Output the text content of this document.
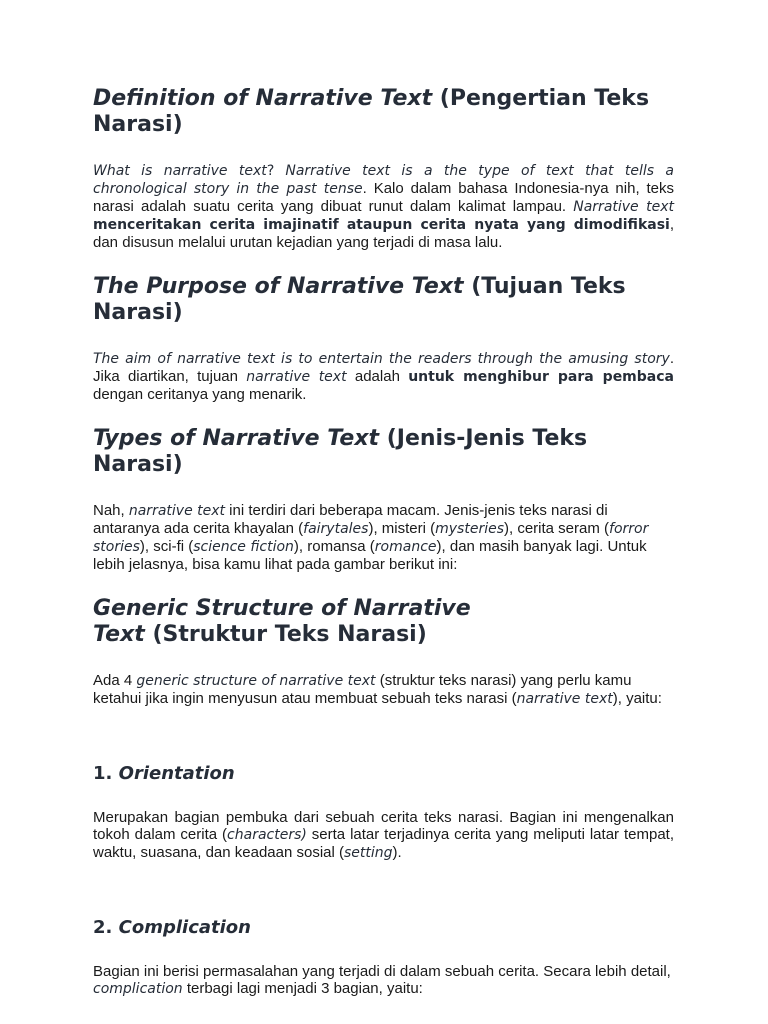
Definition of Narrative Text (Pengertian Teks Narasi)

What is narrative text? Narrative text is a the type of text that tells a chronological story in the past tense. Kalo dalam bahasa Indonesia-nya nih, teks narasi adalah suatu cerita yang dibuat runut dalam kalimat lampau. Narrative text menceritakan cerita imajinatif ataupun cerita nyata yang dimodifikasi, dan disusun melalui urutan kejadian yang terjadi di masa lalu.

The Purpose of Narrative Text (Tujuan Teks Narasi)

The aim of narrative text is to entertain the readers through the amusing story. Jika diartikan, tujuan narrative text adalah untuk menghibur para pembaca dengan ceritanya yang menarik.

Types of Narrative Text (Jenis-Jenis Teks Narasi)

Nah, narrative text ini terdiri dari beberapa macam. Jenis-jenis teks narasi di antaranya ada cerita khayalan (fairytales), misteri (mysteries), cerita seram (forror stories), sci-fi (science fiction), romansa (romance), dan masih banyak lagi. Untuk lebih jelasnya, bisa kamu lihat pada gambar berikut ini:

Generic Structure of Narrative Text (Struktur Teks Narasi)

Ada 4 generic structure of narrative text (struktur teks narasi) yang perlu kamu ketahui jika ingin menyusun atau membuat sebuah teks narasi (narrative text), yaitu:

1. Orientation

Merupakan bagian pembuka dari sebuah cerita teks narasi. Bagian ini mengenalkan tokoh dalam cerita (characters) serta latar terjadinya cerita yang meliputi latar tempat, waktu, suasana, dan keadaan sosial (setting).

2. Complication

Bagian ini berisi permasalahan yang terjadi di dalam sebuah cerita. Secara lebih detail, complication terbagi lagi menjadi 3 bagian, yaitu:
